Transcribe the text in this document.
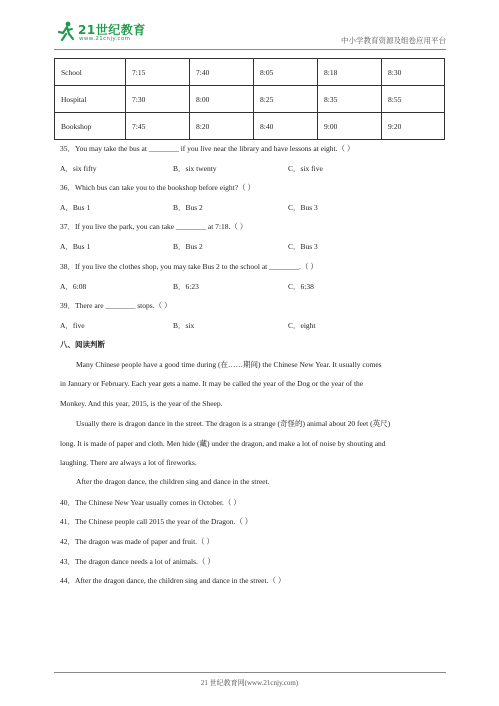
21世纪教育
www.21cnjy.com	中小学教育资源及组卷应用平台
School	7:15	7:40	8:05	8:18	8:30
Hospital	7:30	8:00	8:25	8:35	8:55
Bookshop	7:45	8:20	8:40	9:00	9:20
35．You may take the bus at ________ if you live near the library and have lessons at eight.（ ）
A．six fifty	B．six twenty	C．six five
36．Which bus can take you to the bookshop before eight?（ ）
A．Bus 1	B．Bus 2	C．Bus 3
37．If you live the park, you can take ________ at 7:18.（ ）
A．Bus 1	B．Bus 2	C．Bus 3
38．If you live the clothes shop, you may take Bus 2 to the school at ________.（ ）
A．6:08	B．6:23	C．6:38
39．There are ________ stops.（ ）
A．five	B．six	C．eight
八、阅读判断
Many Chinese people have a good time during (在……期间) the Chinese New Year. It usually comes
in January or February. Each year gets a name. It may be called the year of the Dog or the year of the
Monkey. And this year, 2015, is the year of the Sheep.
Usually there is dragon dance in the street. The dragon is a strange (奇怪的) animal about 20 feet (英尺)
long. It is made of paper and cloth. Men hide (藏) under the dragon, and make a lot of noise by shouting and
laughing. There are always a lot of fireworks.
After the dragon dance, the children sing and dance in the street.
40．The Chinese New Year usually comes in October.（ ）
41．The Chinese people call 2015 the year of the Dragon.（ ）
42．The dragon was made of paper and fruit.（ ）
43．The dragon dance needs a lot of animals.（ ）
44．After the dragon dance, the children sing and dance in the street.（ ）
21 世纪教育网(www.21cnjy.com)
